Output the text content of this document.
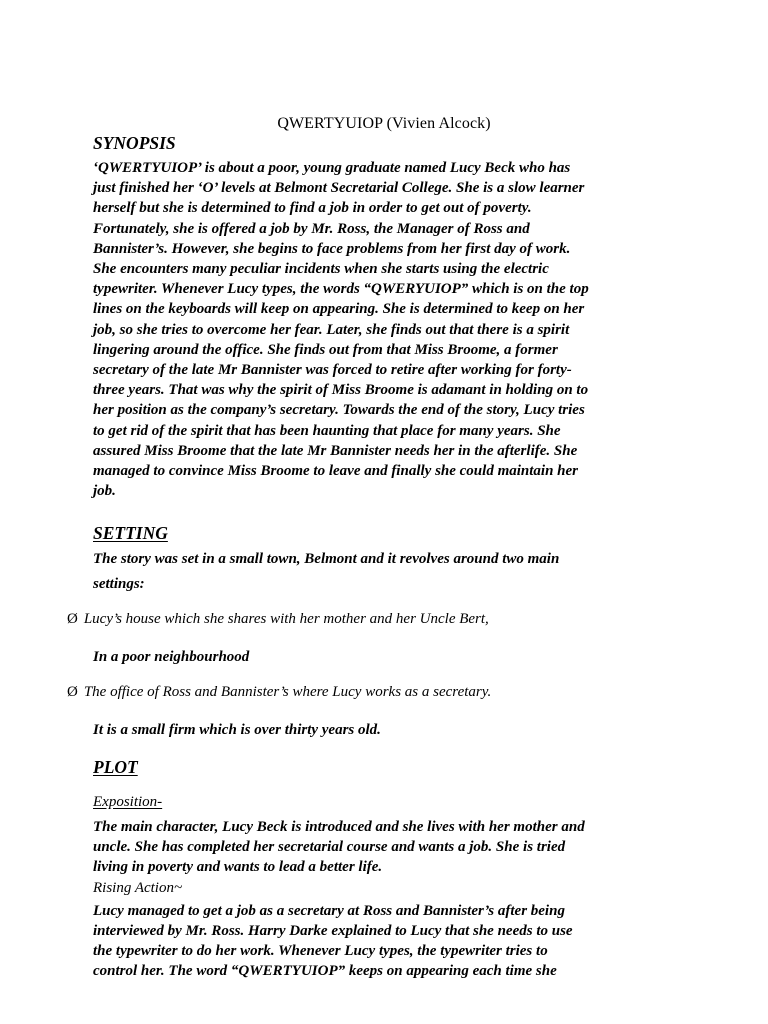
QWERTYUIOP (Vivien Alcock)
SYNOPSIS
‘QWERTYUIOP’ is about a poor, young graduate named Lucy Beck who has
just finished her ‘O’ levels at Belmont Secretarial College. She is a slow learner
herself but she is determined to find a job in order to get out of poverty.
Fortunately, she is offered a job by Mr. Ross, the Manager of Ross and
Bannister’s. However, she begins to face problems from her first day of work.
She encounters many peculiar incidents when she starts using the electric
typewriter. Whenever Lucy types, the words “QWERYUIOP” which is on the top
lines on the keyboards will keep on appearing. She is determined to keep on her
job, so she tries to overcome her fear. Later, she finds out that there is a spirit
lingering around the office. She finds out from that Miss Broome, a former
secretary of the late Mr Bannister was forced to retire after working for forty-
three years. That was why the spirit of Miss Broome is adamant in holding on to
her position as the company’s secretary. Towards the end of the story, Lucy tries
to get rid of the spirit that has been haunting that place for many years. She
assured Miss Broome that the late Mr Bannister needs her in the afterlife. She
managed to convince Miss Broome to leave and finally she could maintain her
job.
SETTING
The story was set in a small town, Belmont and it revolves around two main
settings:
Ø Lucy’s house which she shares with her mother and her Uncle Bert,
In a poor neighbourhood
Ø The office of Ross and Bannister’s where Lucy works as a secretary.
It is a small firm which is over thirty years old.
PLOT
Exposition-
The main character, Lucy Beck is introduced and she lives with her mother and
uncle. She has completed her secretarial course and wants a job. She is tried
living in poverty and wants to lead a better life.
Rising Action~
Lucy managed to get a job as a secretary at Ross and Bannister’s after being
interviewed by Mr. Ross. Harry Darke explained to Lucy that she needs to use
the typewriter to do her work. Whenever Lucy types, the typewriter tries to
control her. The word “QWERTYUIOP” keeps on appearing each time she
